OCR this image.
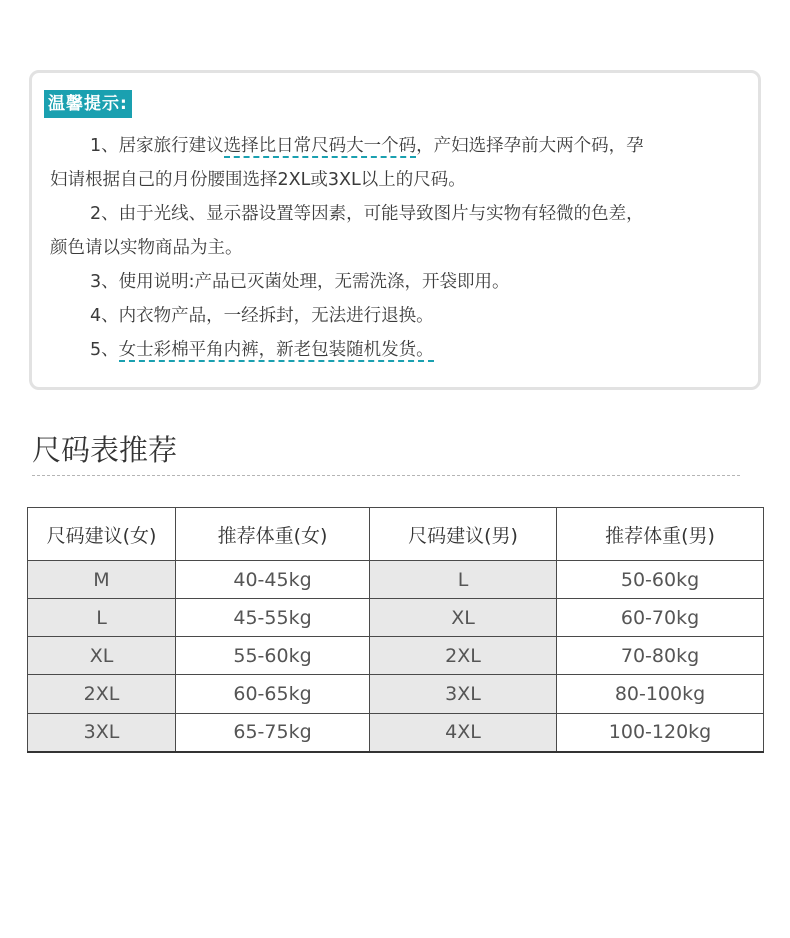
温馨提示:
1、居家旅行建议选择比日常尺码大一个码，产妇选择孕前大两个码，孕
妇请根据自己的月份腰围选择2XL或3XL以上的尺码。
2、由于光线、显示器设置等因素，可能导致图片与实物有轻微的色差，
颜色请以实物商品为主。
3、使用说明:产品已灭菌处理，无需洗涤，开袋即用。
4、内衣物产品，一经拆封，无法进行退换。
5、女士彩棉平角内裤，新老包装随机发货。
尺码表推荐
尺码建议(女)	推荐体重(女)	尺码建议(男)	推荐体重(男)
M	40-45kg	L	50-60kg
L	45-55kg	XL	60-70kg
XL	55-60kg	2XL	70-80kg
2XL	60-65kg	3XL	80-100kg
3XL	65-75kg	4XL	100-120kg
